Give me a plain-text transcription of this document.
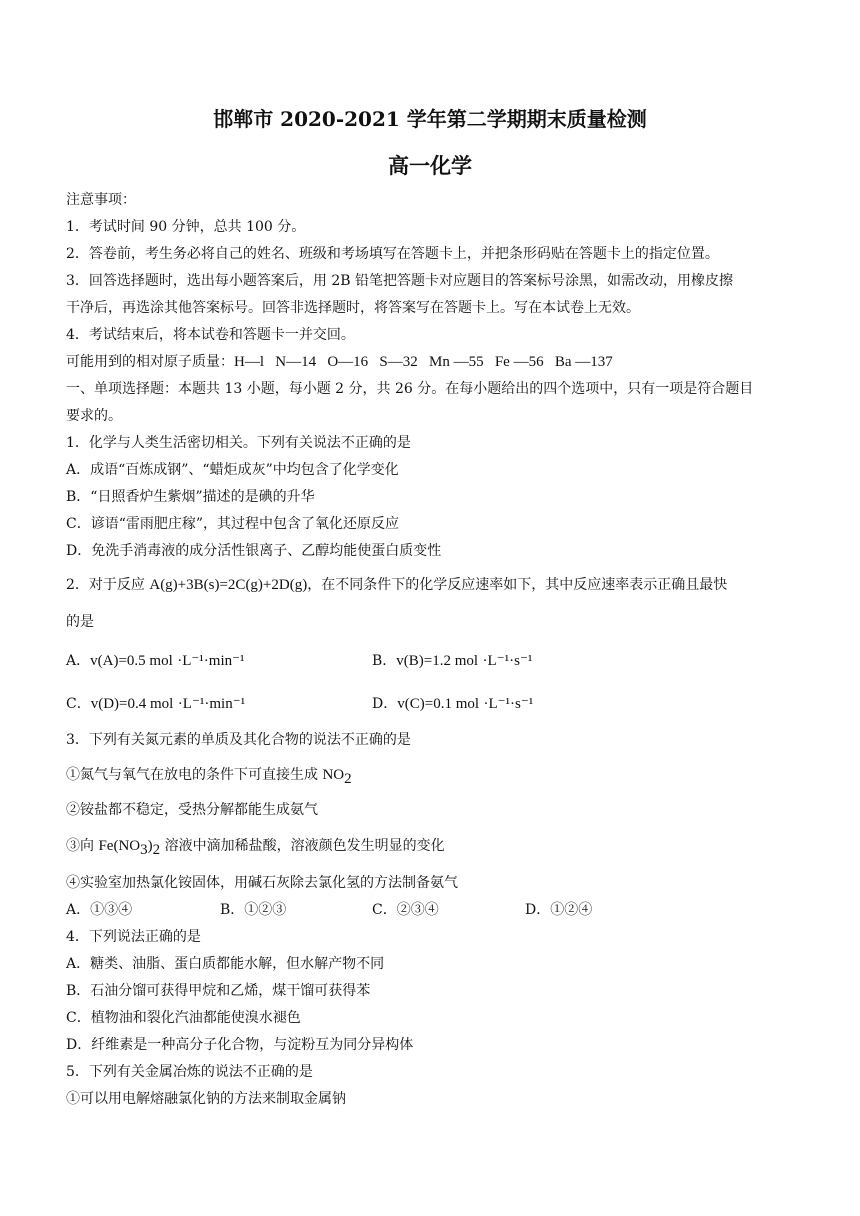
邯郸市 2020-2021 学年第二学期期末质量检测
高一化学
注意事项：
1．考试时间 90 分钟，总共 100 分。
2．答卷前，考生务必将自己的姓名、班级和考场填写在答题卡上，并把条形码贴在答题卡上的指定位置。
3．回答选择题时，选出每小题答案后，用 2B 铅笔把答题卡对应题目的答案标号涂黑，如需改动，用橡皮擦
干净后，再选涂其他答案标号。回答非选择题时，将答案写在答题卡上。写在本试卷上无效。
4．考试结束后，将本试卷和答题卡一并交回。
可能用到的相对原子质量：H—l   N—14   O—16   S—32   Mn —55   Fe —56   Ba —137
一、单项选择题：本题共 13 小题，每小题 2 分，共 26 分。在每小题给出的四个选项中，只有一项是符合题目
要求的。
1．化学与人类生活密切相关。下列有关说法不正确的是
A．成语“百炼成钢”、“蜡炬成灰”中均包含了化学变化
B．“日照香炉生紫烟”描述的是碘的升华
C．谚语“雷雨肥庄稼”，其过程中包含了氧化还原反应
D．免洗手消毒液的成分活性银离子、乙醇均能使蛋白质变性
2．对于反应 A(g)+3B(s)=2C(g)+2D(g)，在不同条件下的化学反应速率如下，其中反应速率表示正确且最快
的是
A．v(A)=0.5 mol ·L⁻¹·min⁻¹	B．v(B)=1.2 mol ·L⁻¹·s⁻¹
C．v(D)=0.4 mol ·L⁻¹·min⁻¹	D．v(C)=0.1 mol ·L⁻¹·s⁻¹
3．下列有关氮元素的单质及其化合物的说法不正确的是
①氮气与氧气在放电的条件下可直接生成 $NO_2$
②铵盐都不稳定，受热分解都能生成氨气
③向 $Fe(NO_3)_2$ 溶液中滴加稀盐酸，溶液颜色发生明显的变化
④实验室加热氯化铵固体，用碱石灰除去氯化氢的方法制备氨气
A．①③④	B．①②③	C．②③④	D．①②④
4．下列说法正确的是
A．糖类、油脂、蛋白质都能水解，但水解产物不同
B．石油分馏可获得甲烷和乙烯，煤干馏可获得苯
C．植物油和裂化汽油都能使溴水褪色
D．纤维素是一种高分子化合物，与淀粉互为同分异构体
5．下列有关金属冶炼的说法不正确的是
①可以用电解熔融氯化钠的方法来制取金属钠
